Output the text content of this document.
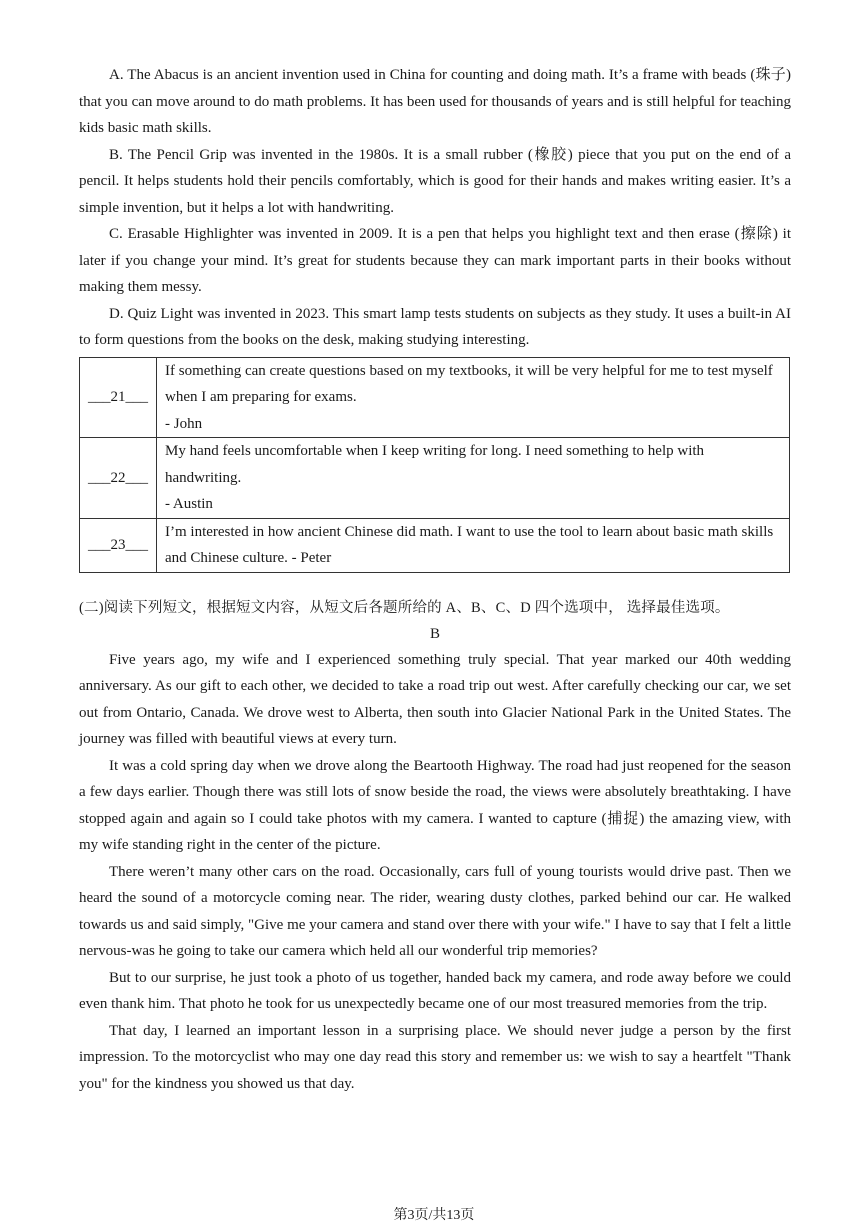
A. The Abacus is an ancient invention used in China for counting and doing math. It’s a frame with beads (珠子) that you can move around to do math problems. It has been used for thousands of years and is still helpful for teaching kids basic math skills.

B. The Pencil Grip was invented in the 1980s. It is a small rubber (橡胶) piece that you put on the end of a pencil. It helps students hold their pencils comfortably, which is good for their hands and makes writing easier. It’s a simple invention, but it helps a lot with handwriting.

C. Erasable Highlighter was invented in 2009. It is a pen that helps you highlight text and then erase (擦除) it later if you change your mind. It’s great for students because they can mark important parts in their books without making them messy.

D. Quiz Light was invented in 2023. This smart lamp tests students on subjects as they study. It uses a built-in AI to form questions from the books on the desk, making studying interesting.

___21___	If something can create questions based on my textbooks, it will be very helpful for me to test myself
when I am preparing for exams.
- John

___22___	My hand feels uncomfortable when I keep writing for long. I need something to help with handwriting.
- Austin

___23___	I’m interested in how ancient Chinese did math. I want to use the tool to learn about basic math skills
and Chinese culture. - Peter

(二)阅读下列短文，根据短文内容，从短文后各题所给的 A、B、C、D 四个选项中， 选择最佳选项。

B

Five years ago, my wife and I experienced something truly special. That year marked our 40th wedding anniversary. As our gift to each other, we decided to take a road trip out west. After carefully checking our car, we set out from Ontario, Canada. We drove west to Alberta, then south into Glacier National Park in the United States. The journey was filled with beautiful views at every turn.

It was a cold spring day when we drove along the Beartooth Highway. The road had just reopened for the season a few days earlier. Though there was still lots of snow beside the road, the views were absolutely breathtaking. I have stopped again and again so I could take photos with my camera. I wanted to capture (捕捉) the amazing view, with my wife standing right in the center of the picture.

There weren’t many other cars on the road. Occasionally, cars full of young tourists would drive past. Then we heard the sound of a motorcycle coming near. The rider, wearing dusty clothes, parked behind our car. He walked towards us and said simply, "Give me your camera and stand over there with your wife." I have to say that I felt a little nervous-was he going to take our camera which held all our wonderful trip memories?

But to our surprise, he just took a photo of us together, handed back my camera, and rode away before we could even thank him. That photo he took for us unexpectedly became one of our most treasured memories from the trip.

That day, I learned an important lesson in a surprising place. We should never judge a person by the first impression. To the motorcyclist who may one day read this story and remember us: we wish to say a heartfelt "Thank you" for the kindness you showed us that day.

第3页/共13页
